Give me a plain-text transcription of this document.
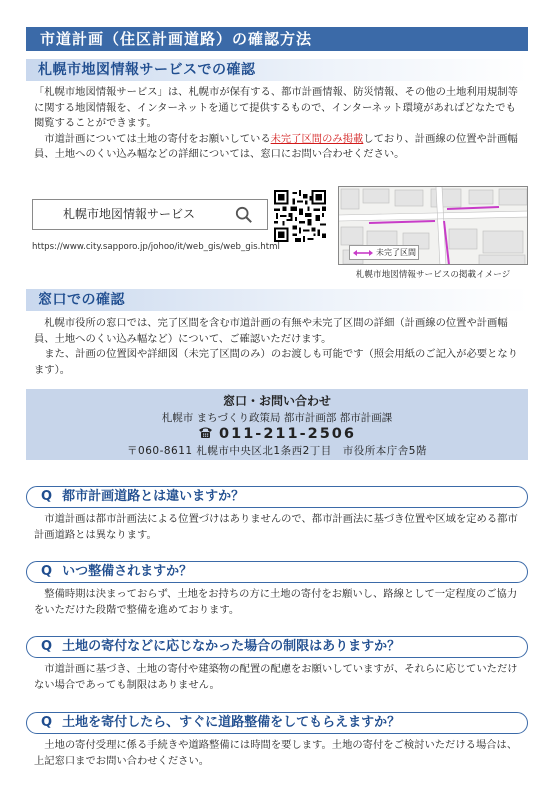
市道計画（住区計画道路）の確認方法
札幌市地図情報サービスでの確認

「札幌市地図情報サービス」は、札幌市が保有する、都市計画情報、防災情報、その他の土地利用規制等に関する地図情報を、インターネットを通じて提供するもので、インターネット環境があればどなたでも閲覧することができます。

市道計画については土地の寄付をお願いしている未完了区間のみ掲載しており、計画線の位置や計画幅員、土地へのくい込み幅などの詳細については、窓口にお問い合わせください。

札幌市地図情報サービス
https://www.city.sapporo.jp/johoo/it/web_gis/web_gis.html
未完了区間
札幌市地図情報サービスの掲載イメージ
窓口での確認

札幌市役所の窓口では、完了区間を含む市道計画の有無や未完了区間の詳細（計画線の位置や計画幅員、土地へのくい込み幅など）について、ご確認いただけます。

また、計画の位置図や詳細図（未完了区間のみ）のお渡しも可能です（照会用紙のご記入が必要となります）。

窓口・お問い合わせ
札幌市 まちづくり政策局 都市計画部 都市計画課
011-211-2506
〒060-8611 札幌市中央区北1条西2丁目　市役所本庁舎5階
Q 都市計画道路とは違いますか？

市道計画は都市計画法による位置づけはありませんので、都市計画法に基づき位置や区域を定める都市計画道路とは異なります。

Q いつ整備されますか？

整備時期は決まっておらず、土地をお持ちの方に土地の寄付をお願いし、路線として一定程度のご協力をいただけた段階で整備を進めております。

Q 土地の寄付などに応じなかった場合の制限はありますか？

市道計画に基づき、土地の寄付や建築物の配置の配慮をお願いしていますが、それらに応じていただけない場合であっても制限はありません。

Q 土地を寄付したら、すぐに道路整備をしてもらえますか？

土地の寄付受理に係る手続きや道路整備には時間を要します。土地の寄付をご検討いただける場合は、上記窓口までお問い合わせください。
